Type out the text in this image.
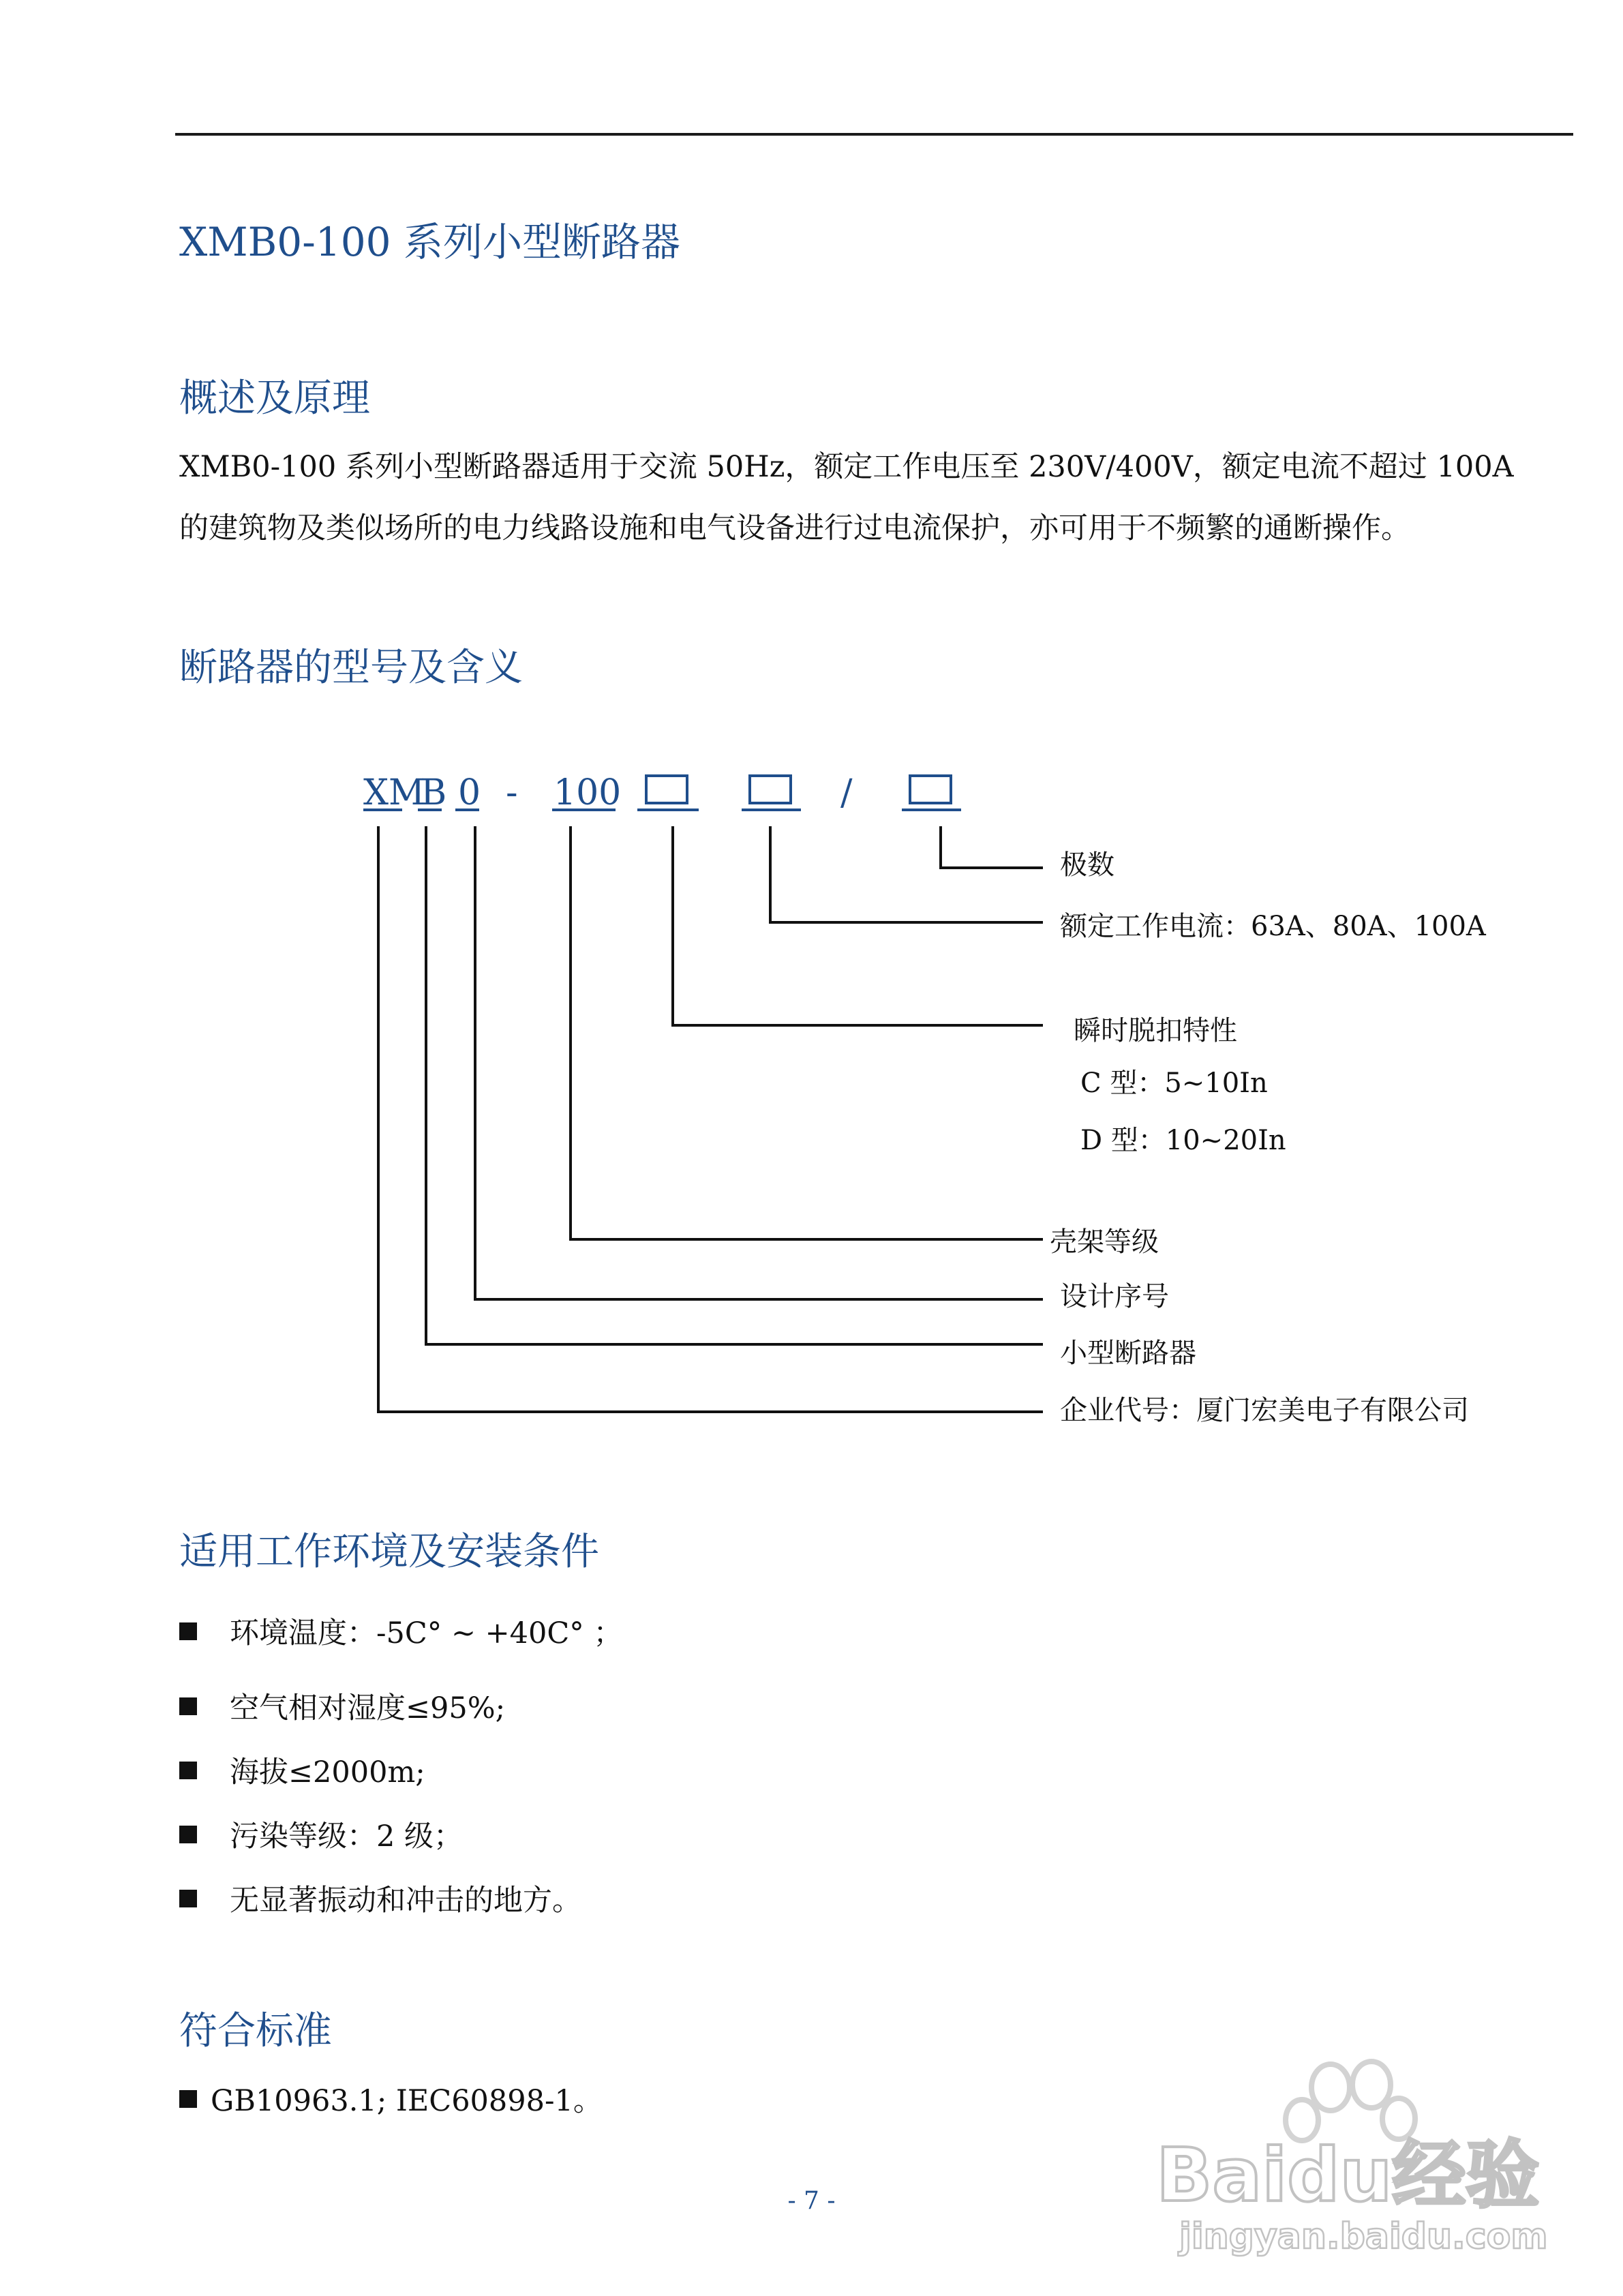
XMB0-100 系列小型断路器
概述及原理
XMB0-100 系列小型断路器适用于交流 50Hz，额定工作电压至 230V/400V，额定电流不超过 100A
的建筑物及类似场所的电力线路设施和电气设备进行过电流保护，亦可用于不频繁的通断操作。
断路器的型号及含义
XM
B 0 - 100	/
极数
额定工作电流：63A、80A、100A
瞬时脱扣特性
C 型：5~10In
D 型：10~20In
壳架等级
设计序号
小型断路器
企业代号：厦门宏美电子有限公司
适用工作环境及安装条件
环境温度：-5C° ~ +40C° ；
空气相对湿度≤95%;
海拔≤2000m;
污染等级：2 级；
无显著振动和冲击的地方。
符合标准
GB10963.1; IEC60898-1。
- 7 -	Baidu经验
jingyan.baidu.com
